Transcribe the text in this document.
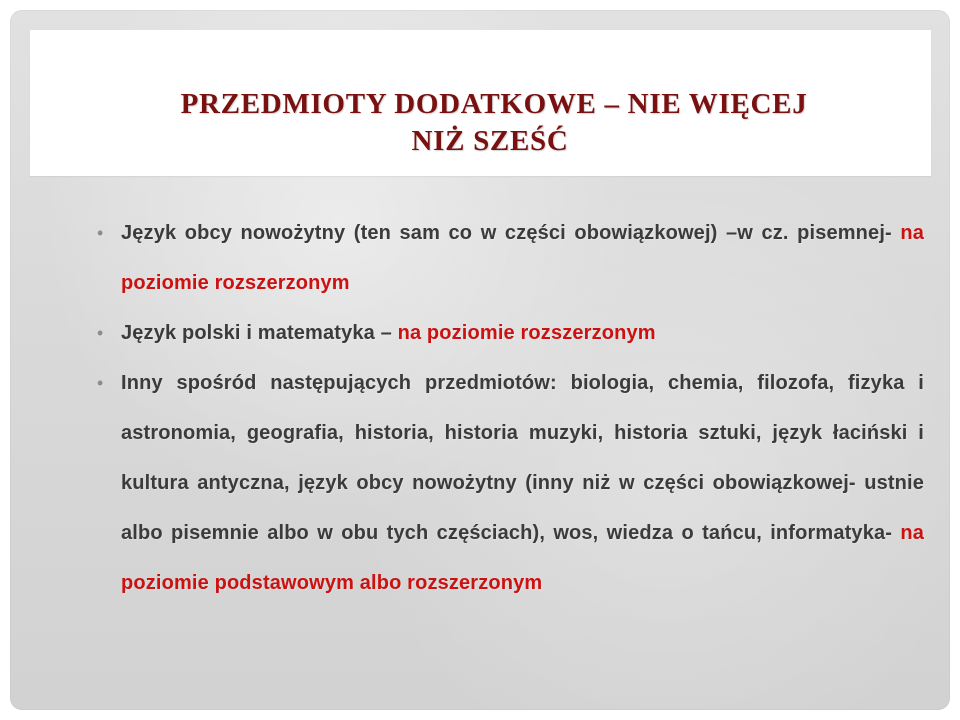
PRZEDMIOTY DODATKOWE – NIE WIĘCEJ
NIŻ SZEŚĆ
• Język obcy nowożytny (ten sam co w części obowiązkowej) –w cz. pisemnej- na poziomie rozszerzonym
• Język polski i matematyka – na poziomie rozszerzonym
• Inny spośród następujących przedmiotów: biologia, chemia, filozofa, fizyka i astronomia, geografia, historia, historia muzyki, historia sztuki, język łaciński i kultura antyczna, język obcy nowożytny (inny niż w części obowiązkowej- ustnie albo pisemnie albo w obu tych częściach), wos, wiedza o tańcu, informatyka- na poziomie podstawowym albo rozszerzonym
